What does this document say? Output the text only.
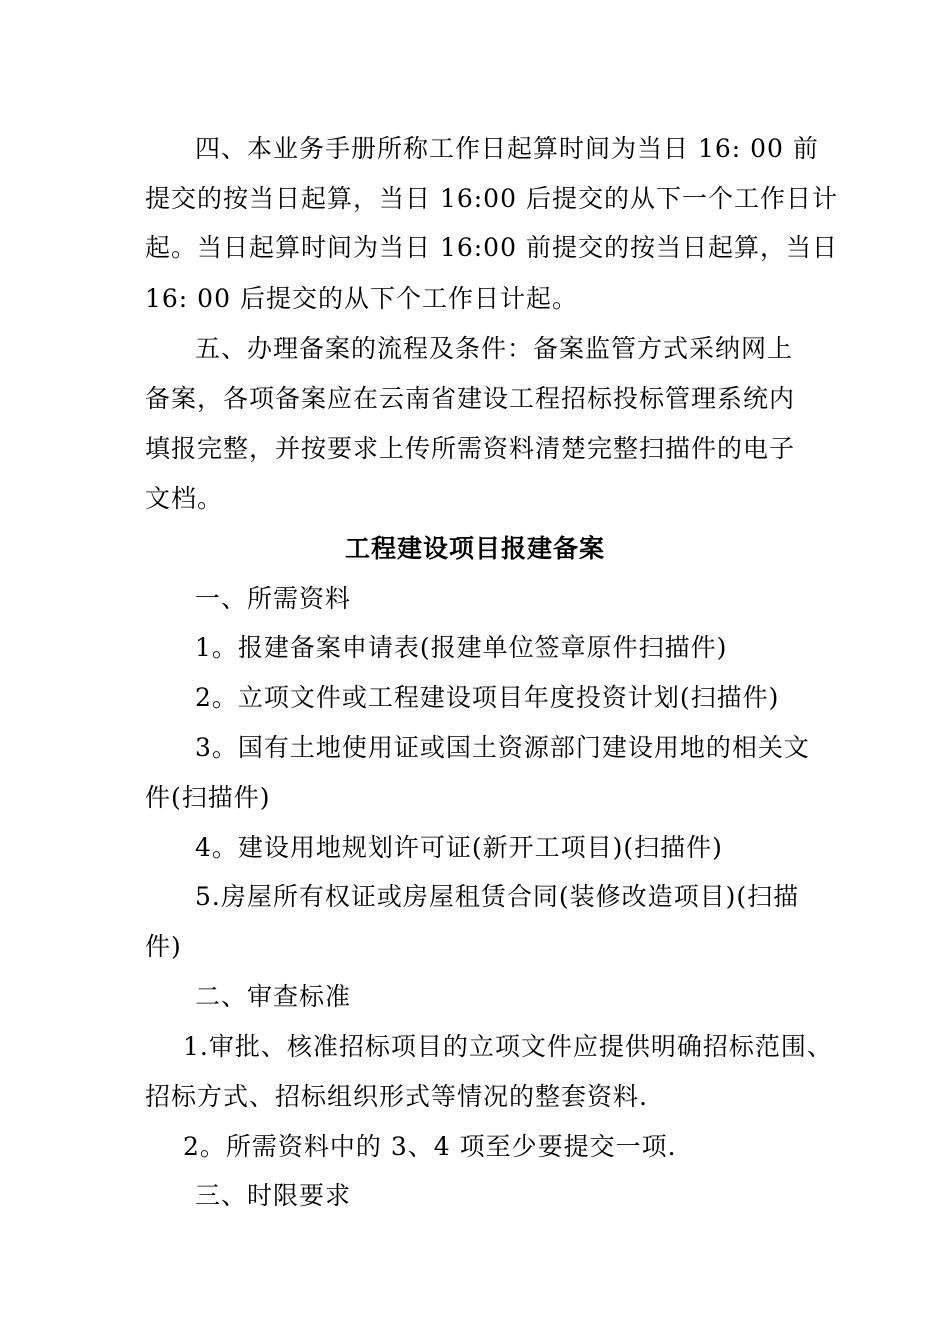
四、本业务手册所称工作日起算时间为当日 16: 00 前
提交的按当日起算，当日 16:00 后提交的从下一个工作日计
起。当日起算时间为当日 16:00 前提交的按当日起算，当日
16: 00 后提交的从下个工作日计起。
五、办理备案的流程及条件：备案监管方式采纳网上
备案，各项备案应在云南省建设工程招标投标管理系统内
填报完整，并按要求上传所需资料清楚完整扫描件的电子
文档。
工程建设项目报建备案
一、所需资料
1。报建备案申请表(报建单位签章原件扫描件)
2。立项文件或工程建设项目年度投资计划(扫描件)
3。国有土地使用证或国土资源部门建设用地的相关文
件(扫描件)
4。建设用地规划许可证(新开工项目)(扫描件)
5.房屋所有权证或房屋租赁合同(装修改造项目)(扫描
件)
二、审查标准
1.审批、核准招标项目的立项文件应提供明确招标范围、
招标方式、招标组织形式等情况的整套资料.
2。所需资料中的 3、4 项至少要提交一项.
三、时限要求
